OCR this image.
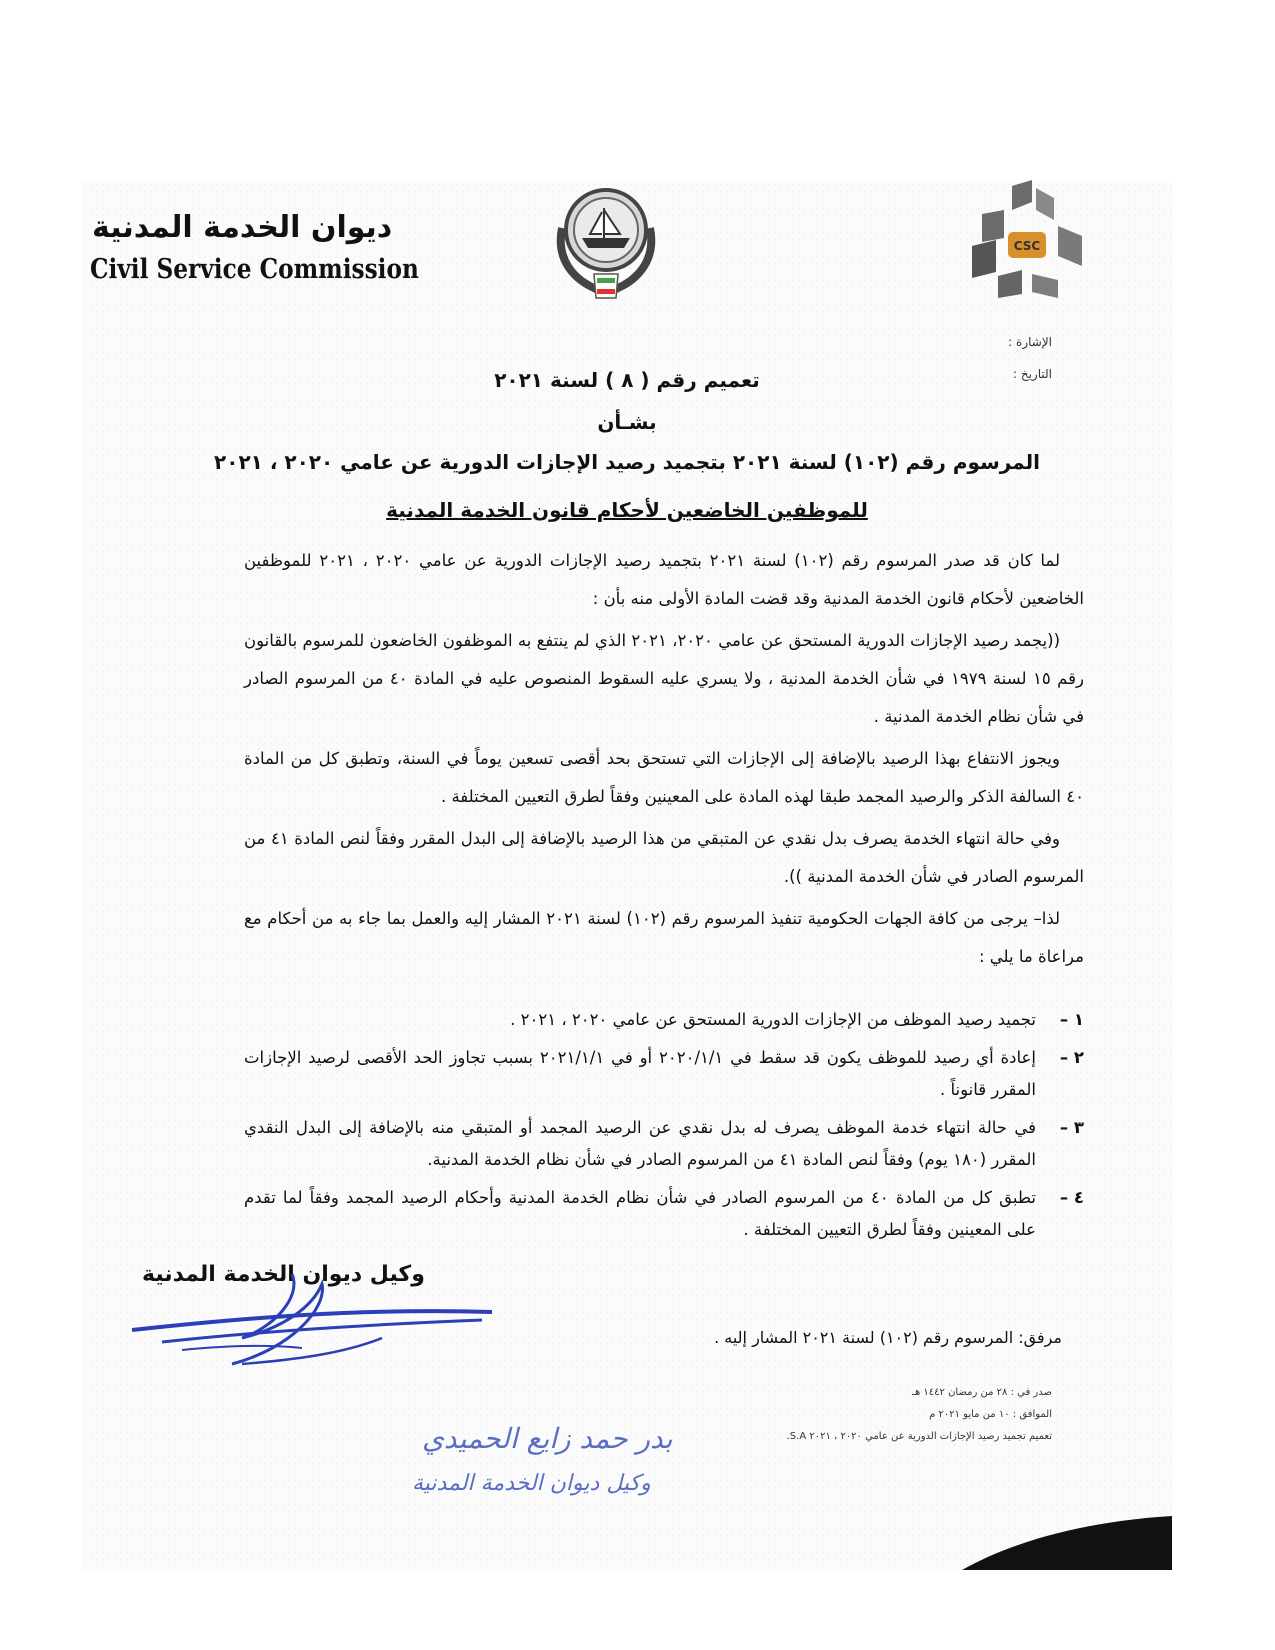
ديوان الخدمة المدنية
Civil Service Commission
CSC
الإشارة :
التاريخ :
تعميم رقم ( ٨ ) لسنة ٢٠٢١
بشـأن
المرسوم رقم (١٠٢) لسنة ٢٠٢١ بتجميد رصيد الإجازات الدورية عن عامي ٢٠٢٠ ، ٢٠٢١
للموظفين الخاضعين لأحكام قانون الخدمة المدنية

لما كان قد صدر المرسوم رقم (١٠٢) لسنة ٢٠٢١ بتجميد رصيد الإجازات الدورية عن عامي ٢٠٢٠ ، ٢٠٢١ للموظفين الخاضعين لأحكام قانون الخدمة المدنية وقد قضت المادة الأولى منه بأن :

((يجمد رصيد الإجازات الدورية المستحق عن عامي ٢٠٢٠، ٢٠٢١ الذي لم ينتفع به الموظفون الخاضعون للمرسوم بالقانون رقم ١٥ لسنة ١٩٧٩ في شأن الخدمة المدنية ، ولا يسري عليه السقوط المنصوص عليه في المادة ٤٠ من المرسوم الصادر في شأن نظام الخدمة المدنية .

ويجوز الانتفاع بهذا الرصيد بالإضافة إلى الإجازات التي تستحق بحد أقصى تسعين يوماً في السنة، وتطبق كل من المادة ٤٠ السالفة الذكر والرصيد المجمد طبقا لهذه المادة على المعينين وفقاً لطرق التعيين المختلفة .

وفي حالة انتهاء الخدمة يصرف بدل نقدي عن المتبقي من هذا الرصيد بالإضافة إلى البدل المقرر وفقاً لنص المادة ٤١ من المرسوم الصادر في شأن الخدمة المدنية )).

لذا– يرجى من كافة الجهات الحكومية تنفيذ المرسوم رقم (١٠٢) لسنة ٢٠٢١ المشار إليه والعمل بما جاء به من أحكام مع مراعاة ما يلي :

١ –
تجميد رصيد الموظف من الإجازات الدورية المستحق عن عامي ٢٠٢٠ ، ٢٠٢١ .
٢ –
إعادة أي رصيد للموظف يكون قد سقط في ٢٠٢٠/١/١ أو في ٢٠٢١/١/١ بسبب تجاوز الحد الأقصى لرصيد الإجازات المقرر قانوناً .
٣ –
في حالة انتهاء خدمة الموظف يصرف له بدل نقدي عن الرصيد المجمد أو المتبقي منه بالإضافة إلى البدل النقدي المقرر (١٨٠ يوم) وفقاً لنص المادة ٤١ من المرسوم الصادر في شأن نظام الخدمة المدنية.
٤ –
تطبق كل من المادة ٤٠ من المرسوم الصادر في شأن نظام الخدمة المدنية وأحكام الرصيد المجمد وفقاً لما تقدم على المعينين وفقاً لطرق التعيين المختلفة .
وكيل ديوان الخدمة المدنية
مرفق: المرسوم رقم (١٠٢) لسنة ٢٠٢١ المشار إليه .
صدر في : ٢٨ من رمضان ١٤٤٢ هـ
الموافق : ١٠ من مايو ٢٠٢١ م
تعميم تجميد رصيد الإجازات الدورية عن عامي ٢٠٢٠ ، ٢٠٢١ S.A.
بدر حمد زايع الحميدي
وكيل ديوان الخدمة المدنية
